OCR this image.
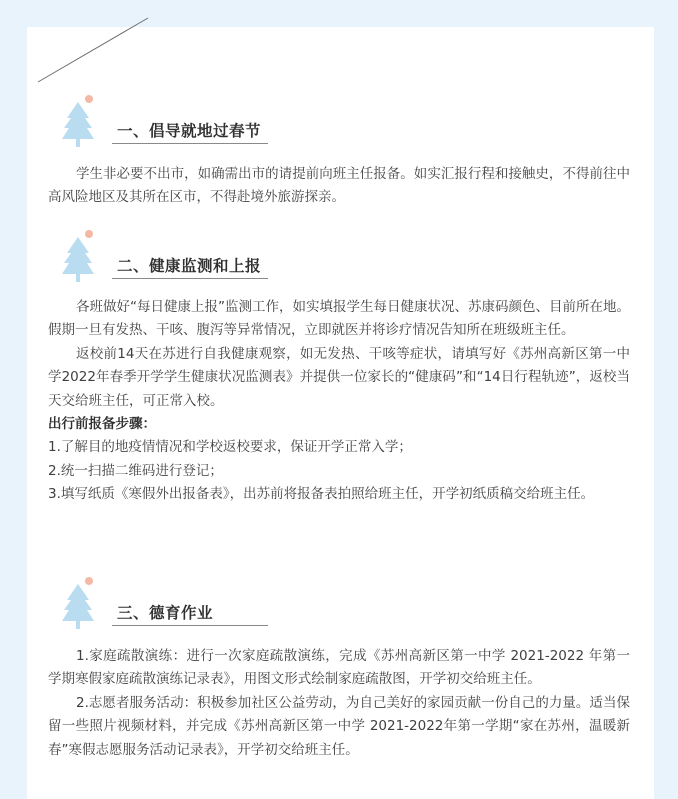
一、倡导就地过春节

学生非必要不出市，如确需出市的请提前向班主任报备。如实汇报行程和接触史，不得前往中高风险地区及其所在区市，不得赴境外旅游探亲。

二、健康监测和上报

各班做好“每日健康上报”监测工作，如实填报学生每日健康状况、苏康码颜色、目前所在地。假期一旦有发热、干咳、腹泻等异常情况，立即就医并将诊疗情况告知所在班级班主任。

返校前14天在苏进行自我健康观察，如无发热、干咳等症状，请填写好《苏州高新区第一中学2022年春季开学学生健康状况监测表》并提供一位家长的“健康码”和“14日行程轨迹”，返校当天交给班主任，可正常入校。

出行前报备步骤：

1.了解目的地疫情情况和学校返校要求，保证开学正常入学；

2.统一扫描二维码进行登记；

3.填写纸质《寒假外出报备表》，出苏前将报备表拍照给班主任，开学初纸质稿交给班主任。

三、德育作业

1.家庭疏散演练：进行一次家庭疏散演练，完成《苏州高新区第一中学 2021-2022 年第一学期寒假家庭疏散演练记录表》，用图文形式绘制家庭疏散图，开学初交给班主任。

2.志愿者服务活动：积极参加社区公益劳动，为自己美好的家园贡献一份自己的力量。适当保留一些照片视频材料，并完成《苏州高新区第一中学 2021-2022年第一学期“家在苏州，温暖新春”寒假志愿服务活动记录表》，开学初交给班主任。
